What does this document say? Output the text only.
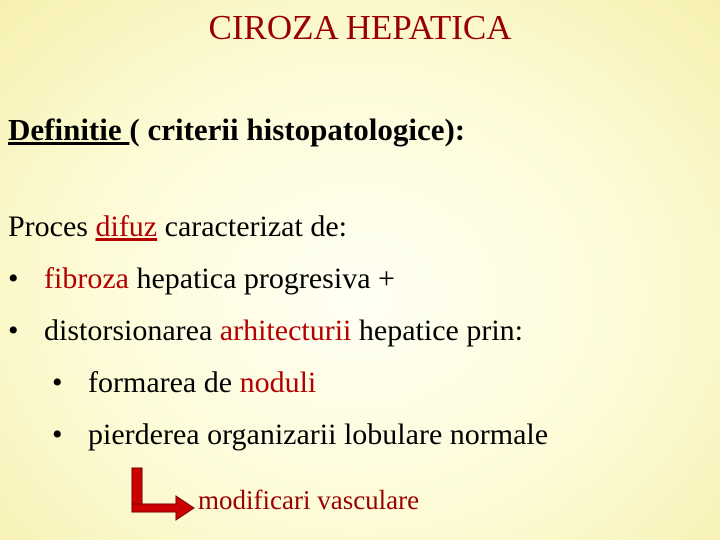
CIROZA HEPATICA
Definitie ( criterii histopatologice):
Proces difuz caracterizat de:
• fibroza hepatica progresiva +
• distorsionarea arhitecturii hepatice prin:
• formarea de noduli
• pierderea organizarii lobulare normale
modificari vasculare
